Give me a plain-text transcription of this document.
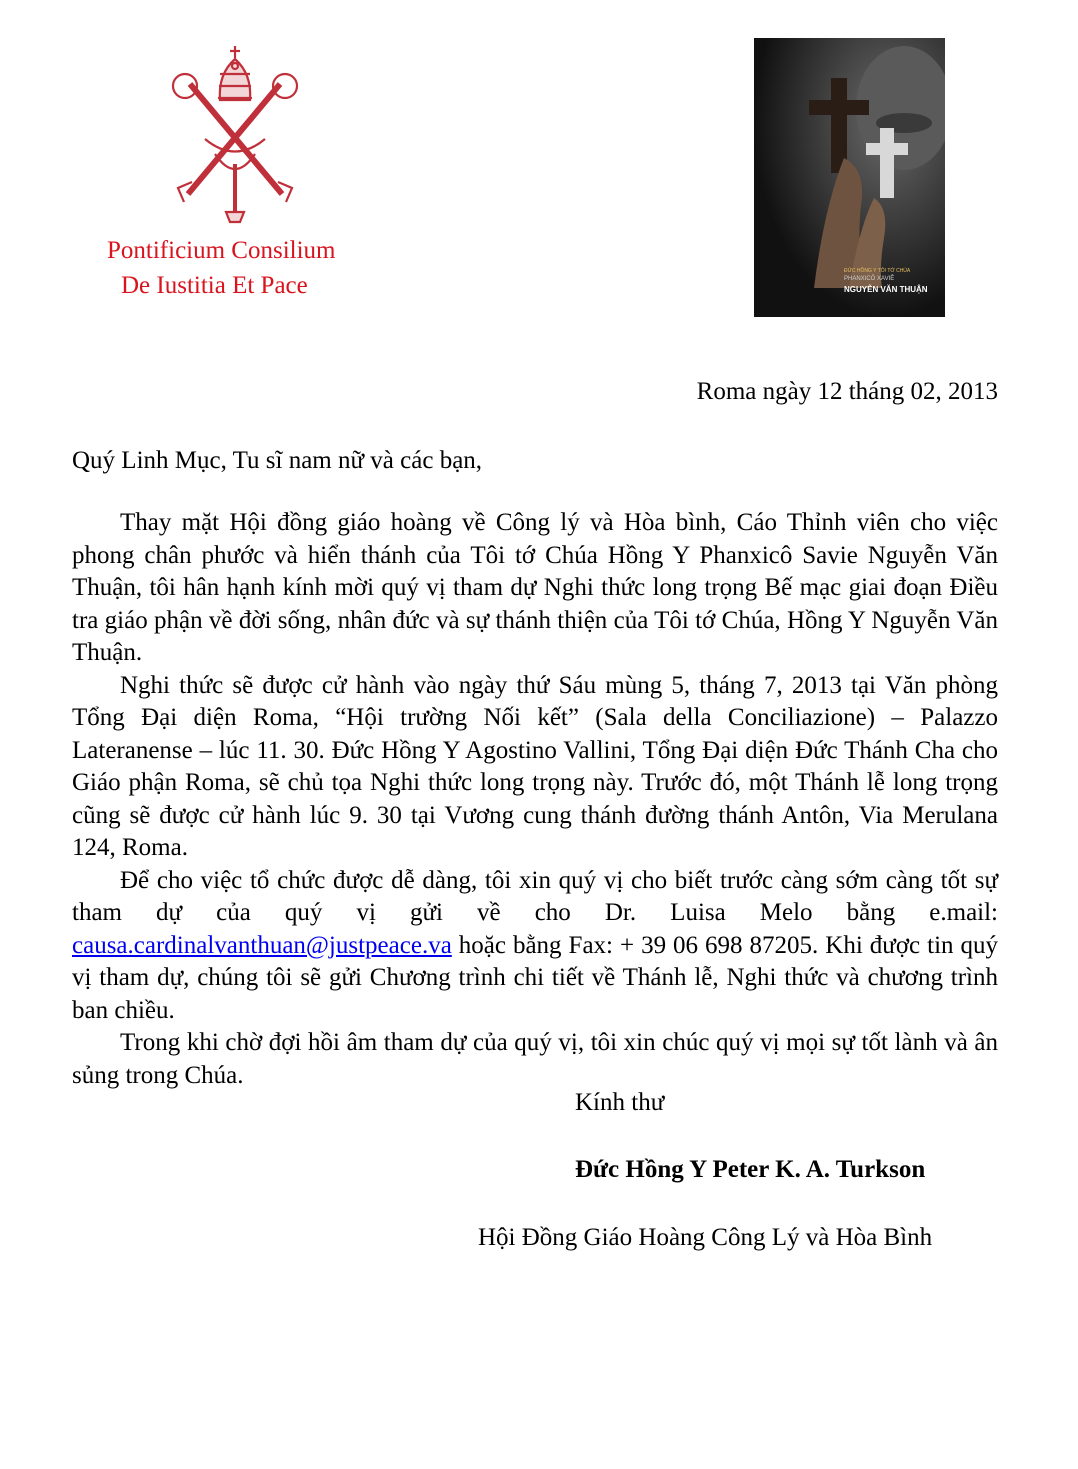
Pontificium Consilium
De Iustitia Et Pace
ĐỨC HỒNG Y TÔI TỚ CHÚA
PHANXICÔ XAVIÊ
NGUYỄN VĂN THUẬN
Roma ngày 12 tháng 02, 2013
Quý Linh Mục, Tu sĩ nam nữ và các bạn,

Thay mặt Hội đồng giáo hoàng về Công lý và Hòa bình, Cáo Thỉnh viên cho việc phong chân phước và hiển thánh của Tôi tớ Chúa Hồng Y Phanxicô Savie Nguyễn Văn Thuận, tôi hân hạnh kính mời quý vị tham dự Nghi thức long trọng Bế mạc giai đoạn Điều tra giáo phận về đời sống, nhân đức và sự thánh thiện của Tôi tớ Chúa, Hồng Y Nguyễn Văn Thuận.

Nghi thức sẽ được cử hành vào ngày thứ Sáu mùng 5, tháng 7, 2013 tại Văn phòng Tổng Đại diện Roma, “Hội trường Nối kết” (Sala della Conciliazione) – Palazzo Lateranense – lúc 11. 30. Đức Hồng Y Agostino Vallini, Tổng Đại diện Đức Thánh Cha cho Giáo phận Roma, sẽ chủ tọa Nghi thức long trọng này. Trước đó, một Thánh lễ long trọng cũng sẽ được cử hành lúc 9. 30 tại Vương cung thánh đường thánh Antôn, Via Merulana 124, Roma.

Để cho việc tổ chức được dễ dàng, tôi xin quý vị cho biết trước càng sớm càng tốt sự tham dự của quý vị gửi về cho Dr. Luisa Melo bằng e.mail: causa.cardinalvanthuan@justpeace.va hoặc bằng Fax: + 39 06 698 87205. Khi được tin quý vị tham dự, chúng tôi sẽ gửi Chương trình chi tiết về Thánh lễ, Nghi thức và chương trình ban chiều.

Trong khi chờ đợi hồi âm tham dự của quý vị, tôi xin chúc quý vị mọi sự tốt lành và ân sủng trong Chúa.

Kính thư
Đức Hồng Y Peter K. A. Turkson
Hội Đồng Giáo Hoàng Công Lý và Hòa Bình
